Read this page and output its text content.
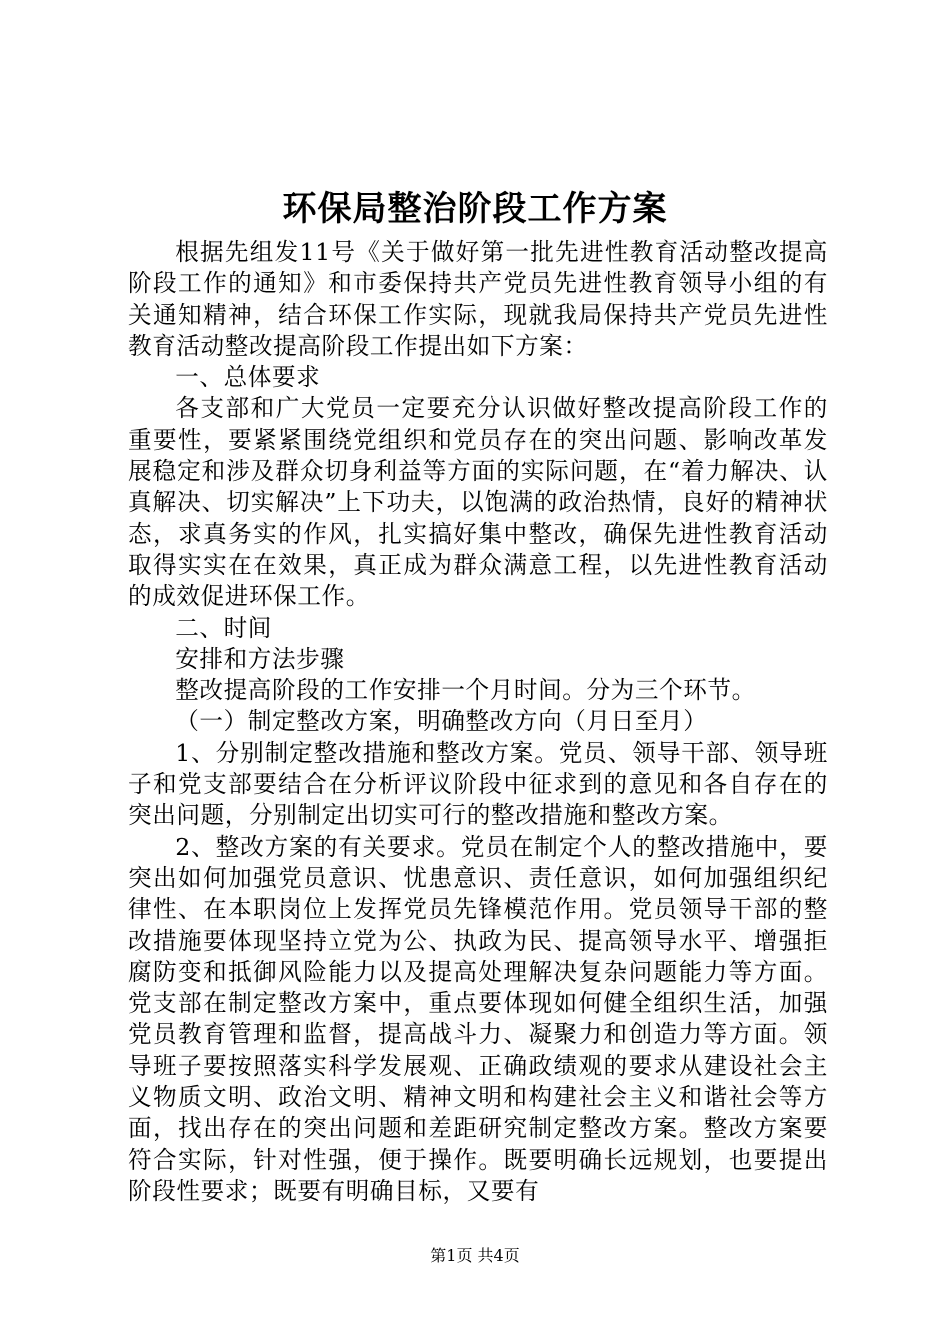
环保局整治阶段工作方案

根据先组发11号《关于做好第一批先进性教育活动整改提高阶段工作的通知》和市委保持共产党员先进性教育领导小组的有关通知精神，结合环保工作实际，现就我局保持共产党员先进性教育活动整改提高阶段工作提出如下方案：

一、总体要求

各支部和广大党员一定要充分认识做好整改提高阶段工作的重要性，要紧紧围绕党组织和党员存在的突出问题、影响改革发展稳定和涉及群众切身利益等方面的实际问题，在“着力解决、认真解决、切实解决”上下功夫，以饱满的政治热情，良好的精神状态，求真务实的作风，扎实搞好集中整改，确保先进性教育活动取得实实在在效果，真正成为群众满意工程，以先进性教育活动的成效促进环保工作。

二、时间

安排和方法步骤

整改提高阶段的工作安排一个月时间。分为三个环节。

（一）制定整改方案，明确整改方向（月日至月）

1、分别制定整改措施和整改方案。党员、领导干部、领导班子和党支部要结合在分析评议阶段中征求到的意见和各自存在的突出问题，分别制定出切实可行的整改措施和整改方案。

2、整改方案的有关要求。党员在制定个人的整改措施中，要突出如何加强党员意识、忧患意识、责任意识，如何加强组织纪律性、在本职岗位上发挥党员先锋模范作用。党员领导干部的整改措施要体现坚持立党为公、执政为民、提高领导水平、增强拒腐防变和抵御风险能力以及提高处理解决复杂问题能力等方面。党支部在制定整改方案中，重点要体现如何健全组织生活，加强党员教育管理和监督，提高战斗力、凝聚力和创造力等方面。领导班子要按照落实科学发展观、正确政绩观的要求从建设社会主义物质文明、政治文明、精神文明和构建社会主义和谐社会等方面，找出存在的突出问题和差距研究制定整改方案。整改方案要符合实际，针对性强，便于操作。既要明确长远规划，也要提出阶段性要求；既要有明确目标，又要有

第1页 共4页
